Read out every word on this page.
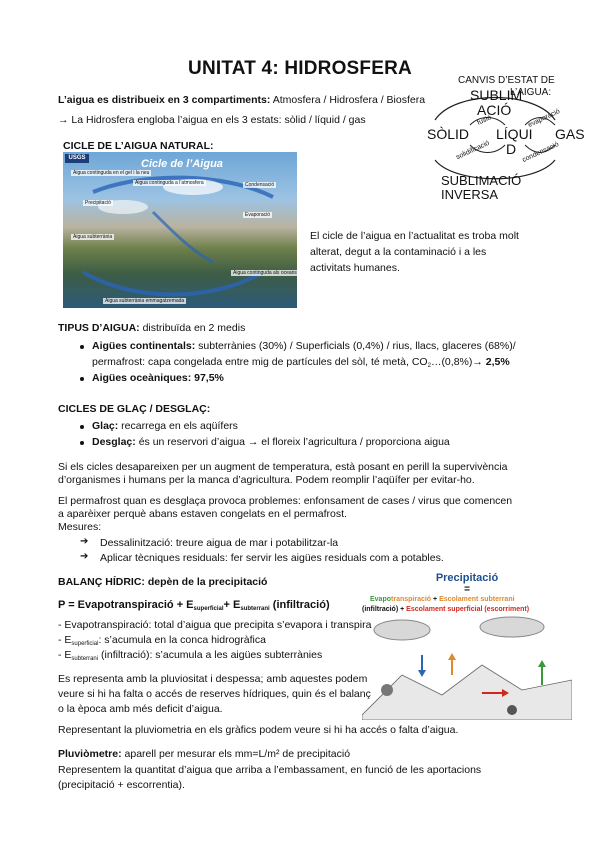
UNITAT 4: HIDROSFERA
L’aigua es distribueix en 3 compartiments: Atmosfera / Hidrosfera / Biosfera
→ La Hidrosfera engloba l’aigua en els 3 estats: sòlid / líquid / gas
CANVIS D’ESTAT DE
L’AIGUA:
SUBLIM
ACIÓ
SÒLID LÍQUI
D
GAS
fusió
solidificació
evaporació
condensació
SUBLIMACIÓ
INVERSA
CICLE DE L’AIGUA NATURAL:
USGS	Cicle de l’Aigua
Aigua continguda en el gel i la neu
Aigua continguda a l’atmosfera	Condensació
Precipitació
Evaporació
Aigua subterrània
Aigua continguda als oceans
Aigua subterrània emmagatzemada
El cicle de l’aigua en l’actualitat es troba molt
alterat, degut a la contaminació i a les
activitats humanes.
TIPUS D’AIGUA: distribuïda en 2 medis
Aigües continentals: subterrànies (30%) / Superficials (0,4%) / rius, llacs, glaceres (68%)/
permafrost: capa congelada entre mig de partícules del sòl, té metà, $CO_2\dots(0,8\%)\to 2,5\%$
Aigües oceàniques: 97,5%
CICLES DE GLAÇ / DESGLAÇ:
Glaç: recarrega en els aqüífers
Desglaç: és un reservori d’aigua → el floreix l’agricultura / proporciona aigua
Si els cicles desapareixen per un augment de temperatura, està posant en perill la supervivència
d’organismes i humans per la manca d’agricultura. Podem reomplir l’aqüífer per evitar-ho.
El permafrost quan es desglaça provoca problemes: enfonsament de cases / virus que comencen
a aparèixer perquè abans estaven congelats en el permafrost.
Mesures:
➔ Dessalinització: treure aigua de mar i potabilitzar-la
➔ Aplicar tècniques residuals: fer servir les aigües residuals com a potables.
BALANÇ HÍDRIC: depèn de la precipitació
P = Evapotranspiració + $E_{superficial}+ E_{subterrani}$ (infiltració)
- Evapotranspiració: total d’aigua que precipita s’evapora i transpira
- $E_{superficial}$: s’acumula en la conca hidrogràfica
- $E_{subterrani}$ (infiltració): s’acumula a les aigües subterrànies
Es representa amb la pluviositat i despessa; amb aquestes podem
veure si hi ha falta o accés de reserves hídriques, quin és el balanç
o la època amb més deficit d’aigua.
Representant la pluviometria en els gràfics podem veure si hi ha accés o falta d’aigua.
Pluviòmetre: aparell per mesurar els mm=L/m² de precipitació
Representem la quantitat d’aigua que arriba a l’embassament, en funció de les aportacions
(precipitació + escorrentia).
Precipitació
=
Evapotranspiració + Escolament subterrani
(infiltració) + Escolament superficial (escorriment)
